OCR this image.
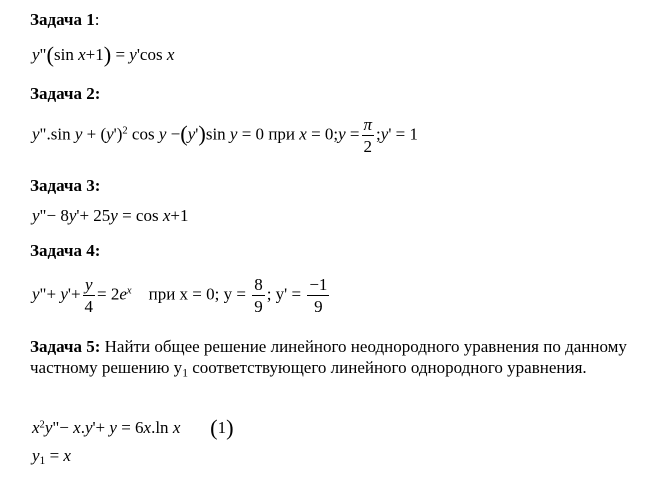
Задача 1:
y"(sin x+1) = y'cos x
Задача 2:
y".sin $y + (y')^2$ cos y −(y')sin y = 0 при x = 0;y = $\frac{\pi}{2}$ ;y' = 1
Задача 3:
y"− 8y'+ 25y = cos x+1
Задача 4:
y"+ $y'+ \frac{y}{4} = 2e^x$ при x = 0; $y = \frac{8}{9}$ ; $y' = \frac{-1}{9}$
Задача 5: Найти общее решение линейного неоднородного уравнения по данному частному решению $y_1$ соответствующего линейного однородного уравнения.
$x^2y"- x.y'+ y = 6x.\ln$ x (1)
$y_1 = x$
